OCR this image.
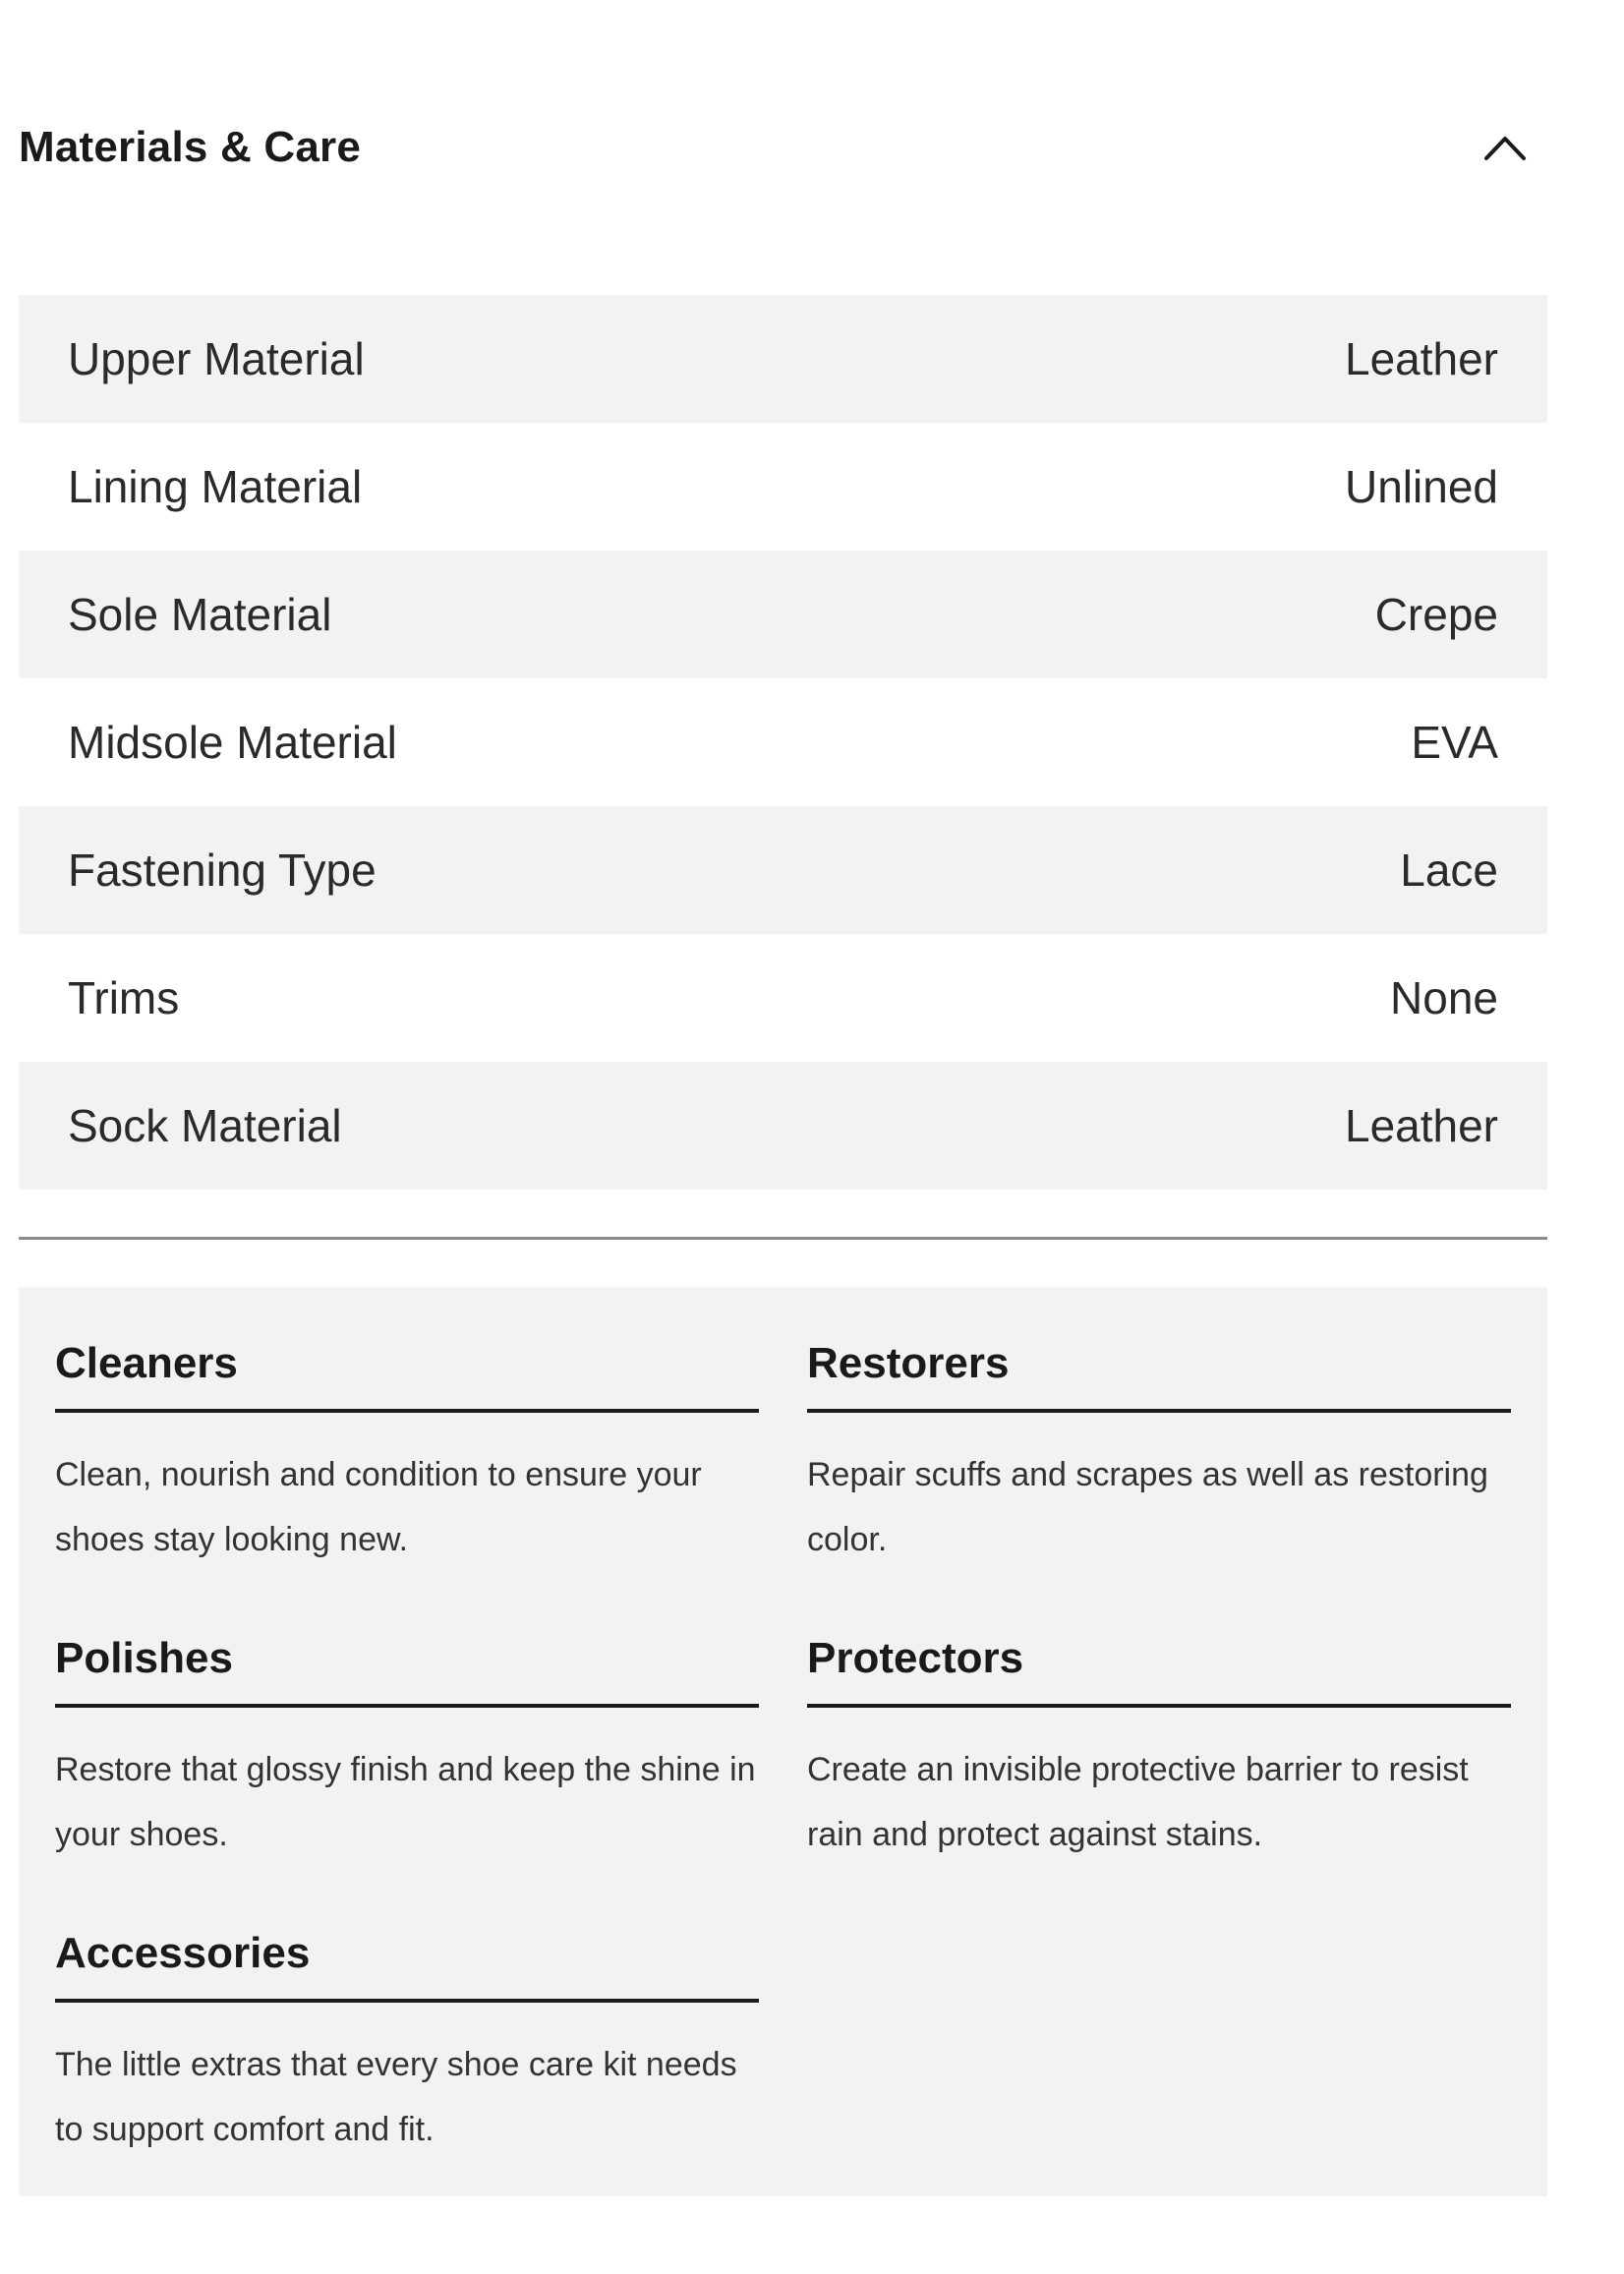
Materials & Care
Upper Material	Leather
Lining Material	Unlined
Sole Material	Crepe
Midsole Material	EVA
Fastening Type	Lace
Trims	None
Sock Material	Leather
Cleaners
Clean, nourish and condition to ensure your shoes stay looking new.
Restorers
Repair scuffs and scrapes as well as restoring color.
Polishes
Restore that glossy finish and keep the shine in your shoes.
Protectors
Create an invisible protective barrier to resist rain and protect against stains.
Accessories
The little extras that every shoe care kit needs to support comfort and fit.
